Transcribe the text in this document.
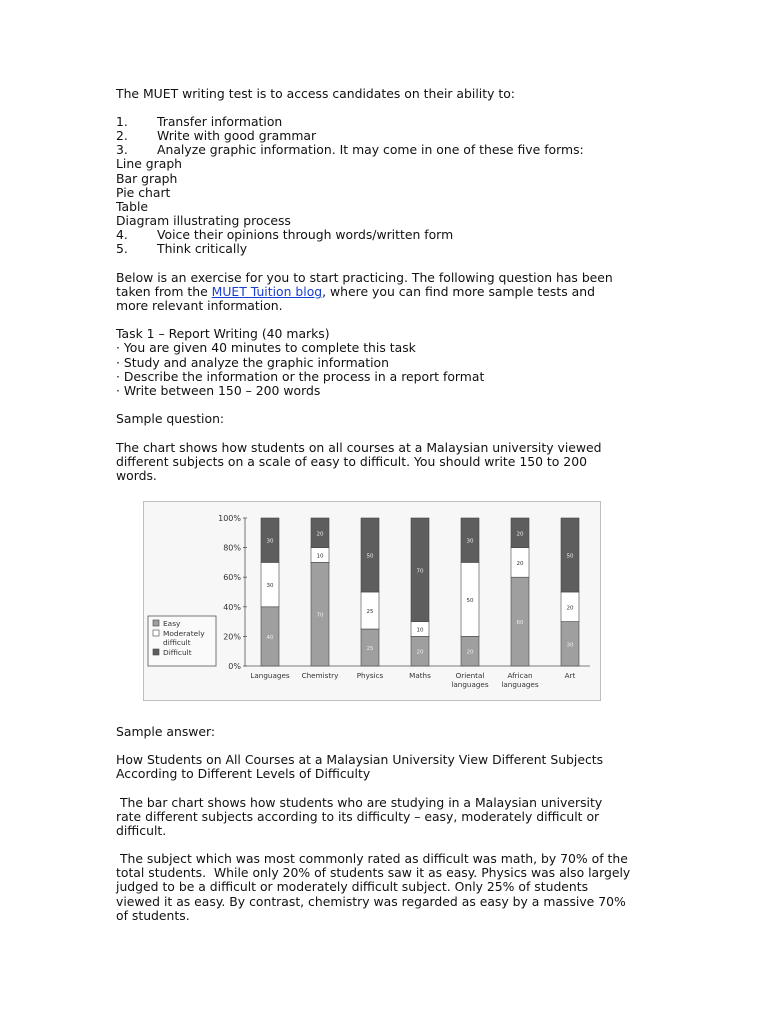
The MUET writing test is to access candidates on their ability to:
1. Transfer information
2. Write with good grammar
3. Analyze graphic information. It may come in one of these five forms:
Line graph
Bar graph
Pie chart
Table
Diagram illustrating process
4. Voice their opinions through words/written form
5. Think critically
Below is an exercise for you to start practicing. The following question has been
taken from the MUET Tuition blog, where you can find more sample tests and
more relevant information.
Task 1 – Report Writing (40 marks)
· You are given 40 minutes to complete this task
· Study and analyze the graphic information
· Describe the information or the process in a report format
· Write between 150 – 200 words
Sample question:
The chart shows how students on all courses at a Malaysian university viewed
different subjects on a scale of easy to difficult. You should write 150 to 200
words.
0%
20%
40%
60%
80%
100%
40
30
30
Languages
70
10
20
Chemistry
25
25
50
Physics
20
10
70
Maths
20
50
30
Oriental
languages
60
20
20
African
languages
30
20
50
Art
Easy
Moderately
difficult
Difficult
Sample answer:
How Students on All Courses at a Malaysian University View Different Subjects
According to Different Levels of Difficulty
The bar chart shows how students who are studying in a Malaysian university
rate different subjects according to its difficulty – easy, moderately difficult or
difficult.
The subject which was most commonly rated as difficult was math, by 70% of the
total students.  While only 20% of students saw it as easy. Physics was also largely
judged to be a difficult or moderately difficult subject. Only 25% of students
viewed it as easy. By contrast, chemistry was regarded as easy by a massive 70%
of students.
